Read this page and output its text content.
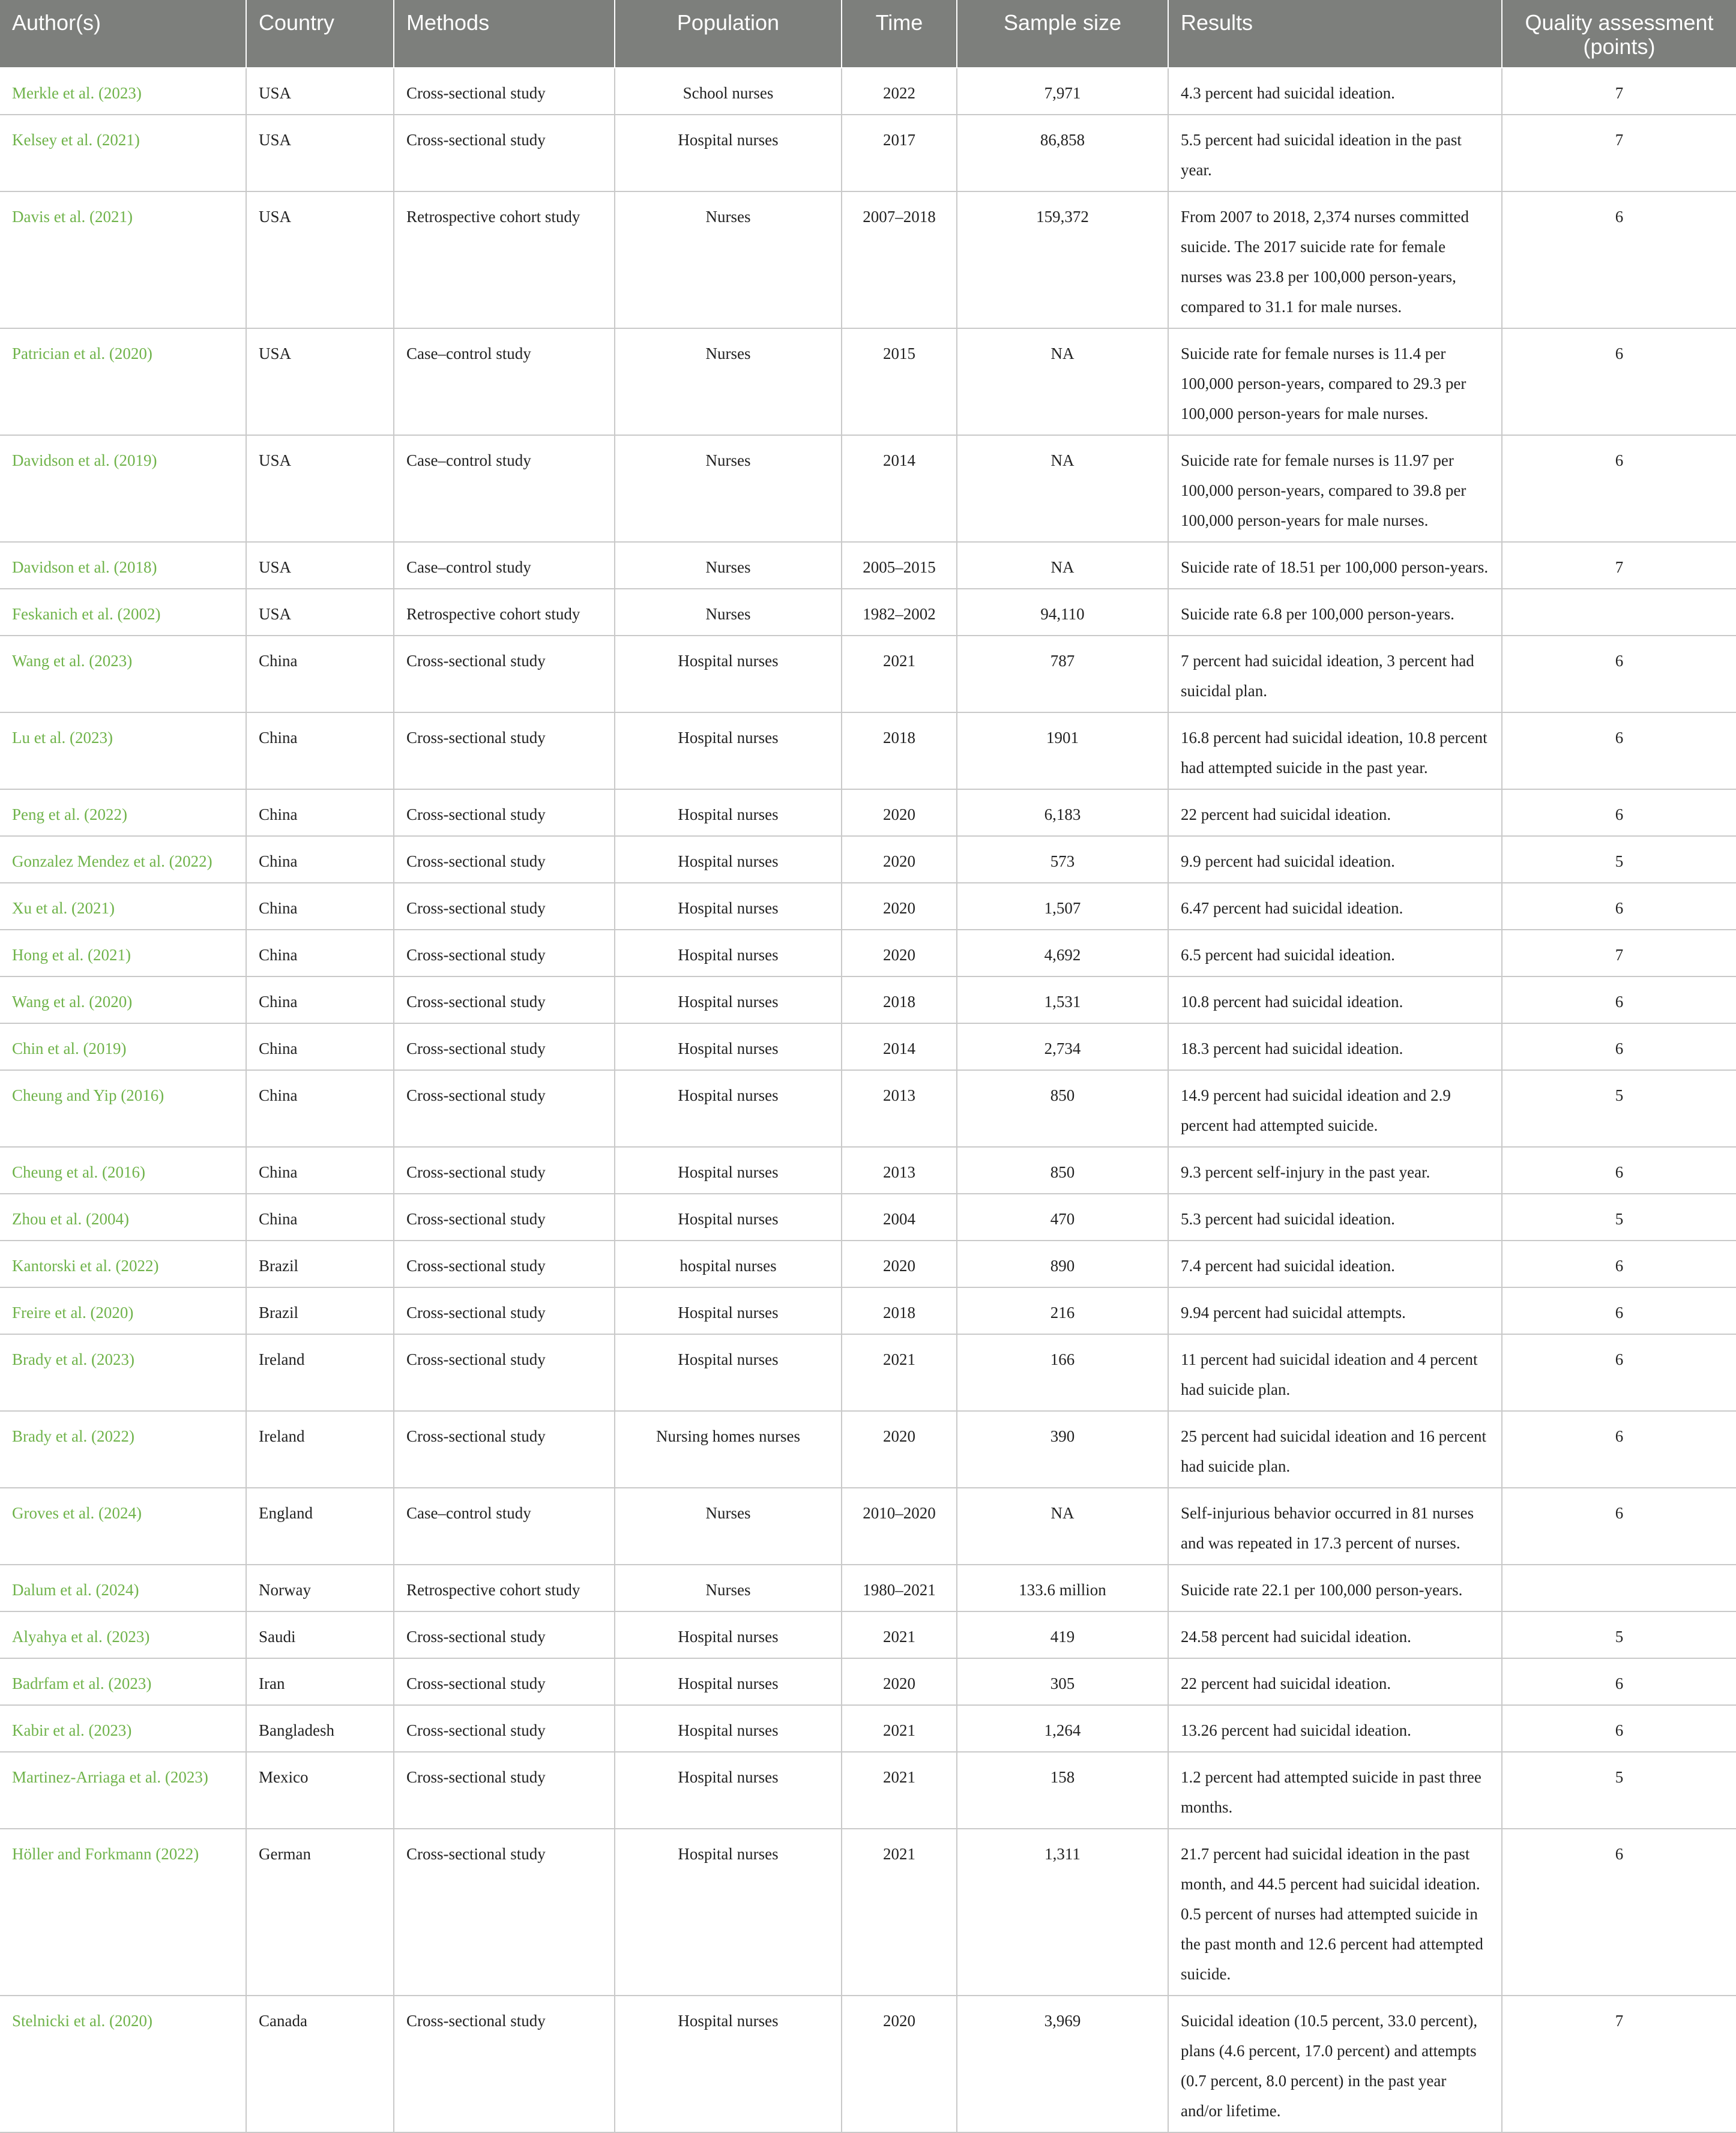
Author(s)	Country	Methods	Population	Time	Sample size	Results	Quality assessment (points)
Merkle et al. (2023)	USA	Cross-sectional study	School nurses	2022	7,971	4.3 percent had suicidal ideation.	7
Kelsey et al. (2021)	USA	Cross-sectional study	Hospital nurses	2017	86,858	5.5 percent had suicidal ideation in the past year.	7
Davis et al. (2021)	USA	Retrospective cohort study	Nurses	2007–2018	159,372	From 2007 to 2018, 2,374 nurses committed suicide. The 2017 suicide rate for female nurses was 23.8 per 100,000 person-years, compared to 31.1 for male nurses.	6
Patrician et al. (2020)	USA	Case–control study	Nurses	2015	NA	Suicide rate for female nurses is 11.4 per 100,000 person-years, compared to 29.3 per 100,000 person-years for male nurses.	6
Davidson et al. (2019)	USA	Case–control study	Nurses	2014	NA	Suicide rate for female nurses is 11.97 per 100,000 person-years, compared to 39.8 per 100,000 person-years for male nurses.	6
Davidson et al. (2018)	USA	Case–control study	Nurses	2005–2015	NA	Suicide rate of 18.51 per 100,000 person-years.	7
Feskanich et al. (2002)	USA	Retrospective cohort study	Nurses	1982–2002	94,110	Suicide rate 6.8 per 100,000 person-years.	
Wang et al. (2023)	China	Cross-sectional study	Hospital nurses	2021	787	7 percent had suicidal ideation, 3 percent had suicidal plan.	6
Lu et al. (2023)	China	Cross-sectional study	Hospital nurses	2018	1901	16.8 percent had suicidal ideation, 10.8 percent had attempted suicide in the past year.	6
Peng et al. (2022)	China	Cross-sectional study	Hospital nurses	2020	6,183	22 percent had suicidal ideation.	6
Gonzalez Mendez et al. (2022)	China	Cross-sectional study	Hospital nurses	2020	573	9.9 percent had suicidal ideation.	5
Xu et al. (2021)	China	Cross-sectional study	Hospital nurses	2020	1,507	6.47 percent had suicidal ideation.	6
Hong et al. (2021)	China	Cross-sectional study	Hospital nurses	2020	4,692	6.5 percent had suicidal ideation.	7
Wang et al. (2020)	China	Cross-sectional study	Hospital nurses	2018	1,531	10.8 percent had suicidal ideation.	6
Chin et al. (2019)	China	Cross-sectional study	Hospital nurses	2014	2,734	18.3 percent had suicidal ideation.	6
Cheung and Yip (2016)	China	Cross-sectional study	Hospital nurses	2013	850	14.9 percent had suicidal ideation and 2.9 percent had attempted suicide.	5
Cheung et al. (2016)	China	Cross-sectional study	Hospital nurses	2013	850	9.3 percent self-injury in the past year.	6
Zhou et al. (2004)	China	Cross-sectional study	Hospital nurses	2004	470	5.3 percent had suicidal ideation.	5
Kantorski et al. (2022)	Brazil	Cross-sectional study	hospital nurses	2020	890	7.4 percent had suicidal ideation.	6
Freire et al. (2020)	Brazil	Cross-sectional study	Hospital nurses	2018	216	9.94 percent had suicidal attempts.	6
Brady et al. (2023)	Ireland	Cross-sectional study	Hospital nurses	2021	166	11 percent had suicidal ideation and 4 percent had suicide plan.	6
Brady et al. (2022)	Ireland	Cross-sectional study	Nursing homes nurses	2020	390	25 percent had suicidal ideation and 16 percent had suicide plan.	6
Groves et al. (2024)	England	Case–control study	Nurses	2010–2020	NA	Self-injurious behavior occurred in 81 nurses and was repeated in 17.3 percent of nurses.	6
Dalum et al. (2024)	Norway	Retrospective cohort study	Nurses	1980–2021	133.6 million	Suicide rate 22.1 per 100,000 person-years.	
Alyahya et al. (2023)	Saudi	Cross-sectional study	Hospital nurses	2021	419	24.58 percent had suicidal ideation.	5
Badrfam et al. (2023)	Iran	Cross-sectional study	Hospital nurses	2020	305	22 percent had suicidal ideation.	6
Kabir et al. (2023)	Bangladesh	Cross-sectional study	Hospital nurses	2021	1,264	13.26 percent had suicidal ideation.	6
Martinez-Arriaga et al. (2023)	Mexico	Cross-sectional study	Hospital nurses	2021	158	1.2 percent had attempted suicide in past three months.	5
Höller and Forkmann (2022)	German	Cross-sectional study	Hospital nurses	2021	1,311	21.7 percent had suicidal ideation in the past month, and 44.5 percent had suicidal ideation. 0.5 percent of nurses had attempted suicide in the past month and 12.6 percent had attempted suicide.	6
Stelnicki et al. (2020)	Canada	Cross-sectional study	Hospital nurses	2020	3,969	Suicidal ideation (10.5 percent, 33.0 percent), plans (4.6 percent, 17.0 percent) and attempts (0.7 percent, 8.0 percent) in the past year and/or lifetime.	7
